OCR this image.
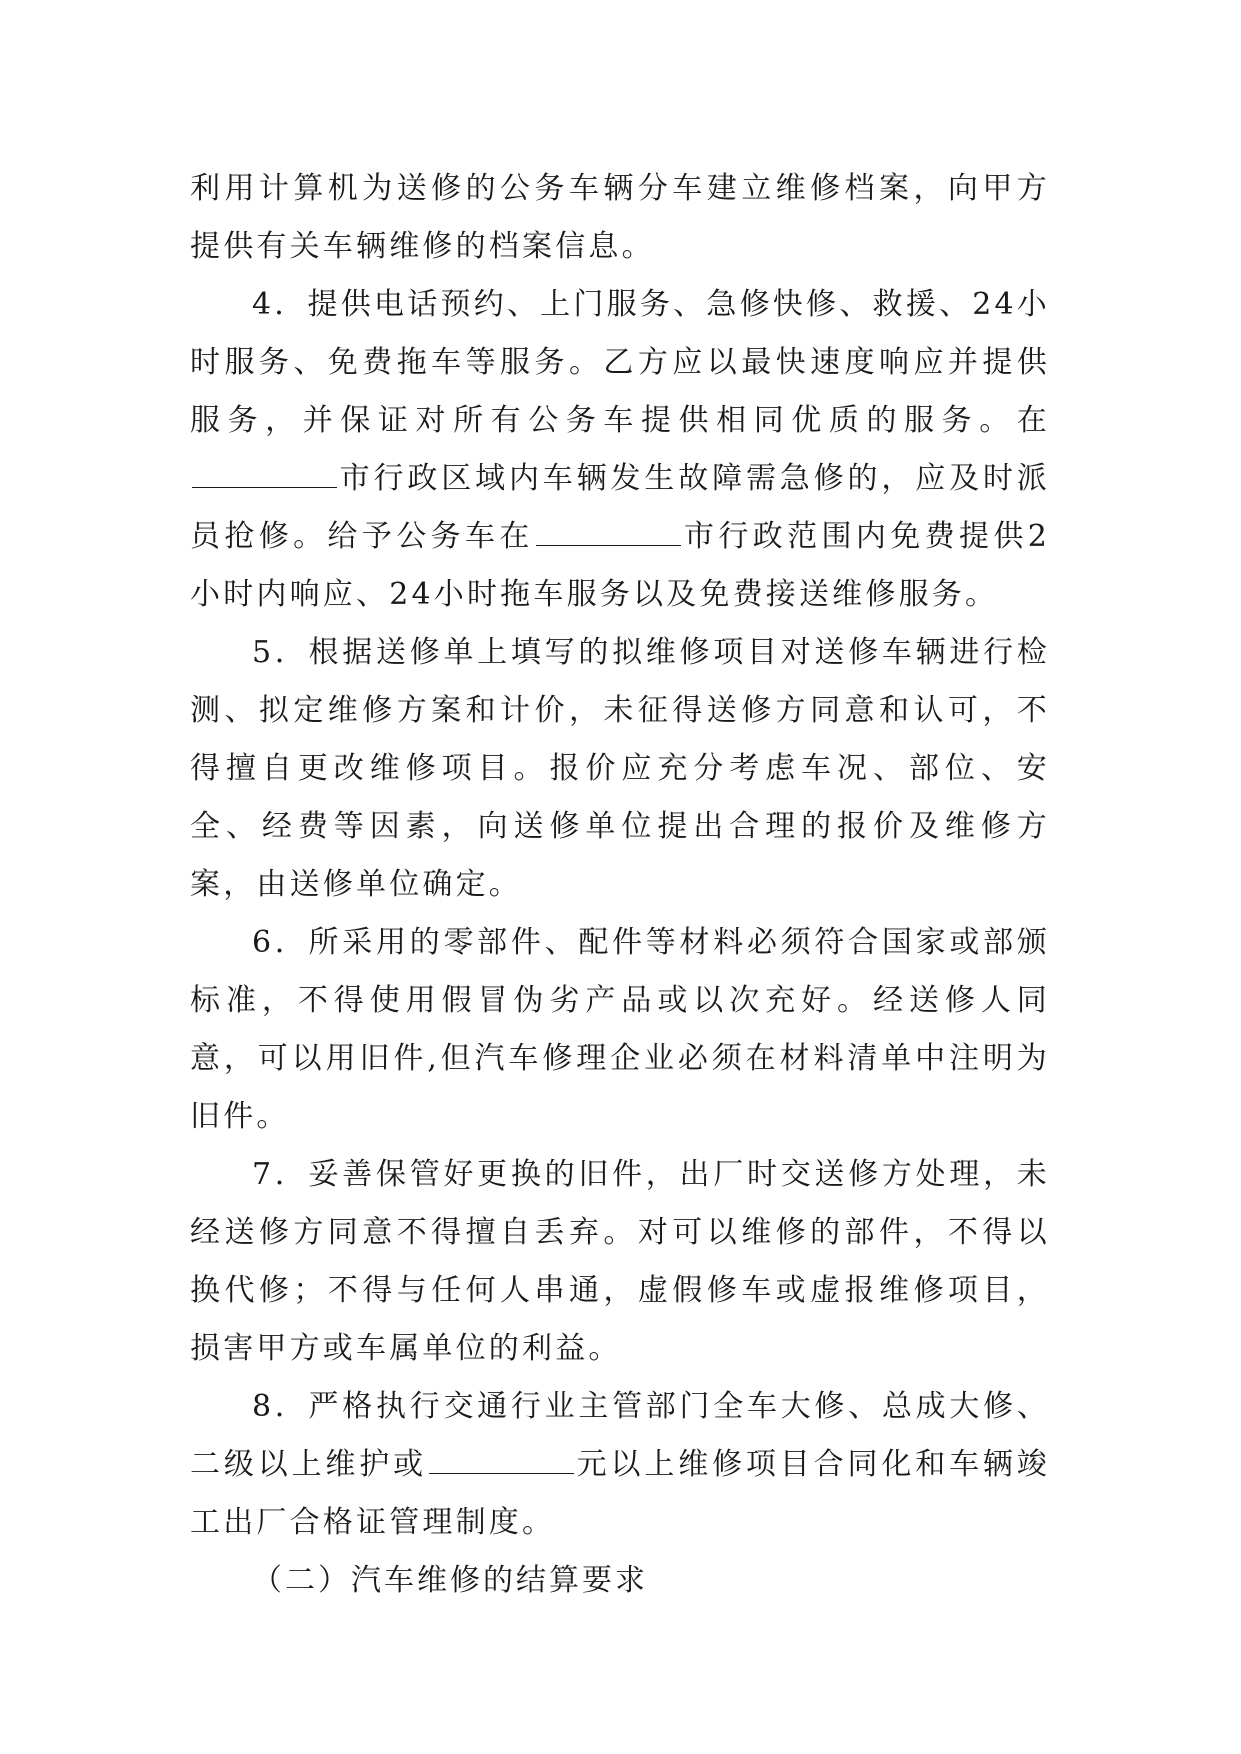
利用计算机为送修的公务车辆分车建立维修档案，向甲方提供有关车辆维修的档案信息。

4．提供电话预约、上门服务、急修快修、救援、24小时服务、免费拖车等服务。乙方应以最快速度响应并提供服务，并保证对所有公务车提供相同优质的服务。在市行政区域内车辆发生故障需急修的，应及时派员抢修。给予公务车在	市行政范围内免费提供2小时内响应、24小时拖车服务以及免费接送维修服务。

5．根据送修单上填写的拟维修项目对送修车辆进行检测、拟定维修方案和计价，未征得送修方同意和认可，不得擅自更改维修项目。报价应充分考虑车况、部位、安全、经费等因素，向送修单位提出合理的报价及维修方案，由送修单位确定。

6．所采用的零部件、配件等材料必须符合国家或部颁标准，不得使用假冒伪劣产品或以次充好。经送修人同意，可以用旧件,但汽车修理企业必须在材料清单中注明为旧件。

7．妥善保管好更换的旧件，出厂时交送修方处理，未经送修方同意不得擅自丢弃。对可以维修的部件，不得以换代修；不得与任何人串通，虚假修车或虚报维修项目，损害甲方或车属单位的利益。

8．严格执行交通行业主管部门全车大修、总成大修、二级以上维护或	元以上维修项目合同化和车辆竣工出厂合格证管理制度。

（二）汽车维修的结算要求
